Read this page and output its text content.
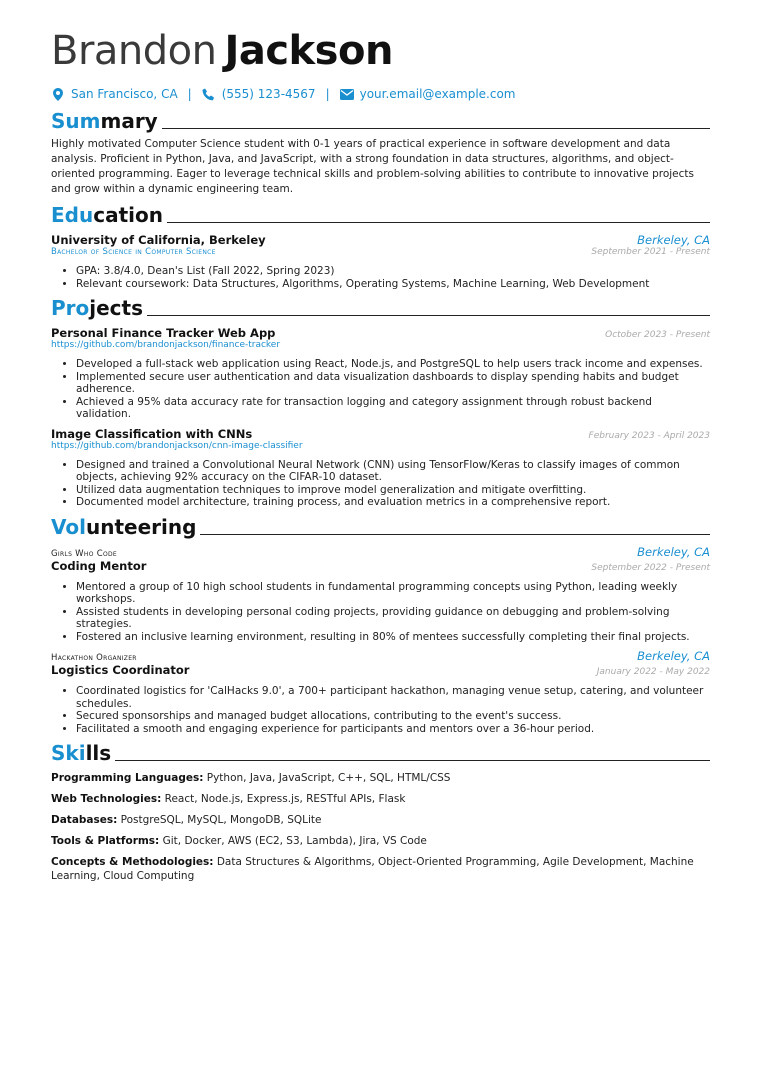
Brandon Jackson
San Francisco, CA |	(555) 123-4567 |	your.email@example.com
Summary
Highly motivated Computer Science student with 0-1 years of practical experience in software development and data analysis. Proficient in Python, Java, and JavaScript, with a strong foundation in data structures, algorithms, and object-oriented programming. Eager to leverage technical skills and problem-solving abilities to contribute to innovative projects and grow within a dynamic engineering team.
Education
University of California, Berkeley	Berkeley, CA
Bachelor of Science in Computer Science	September 2021 - Present
• GPA: 3.8/4.0, Dean's List (Fall 2022, Spring 2023)
• Relevant coursework: Data Structures, Algorithms, Operating Systems, Machine Learning, Web Development
Projects
Personal Finance Tracker Web App	October 2023 - Present
https://github.com/brandonjackson/finance-tracker
• Developed a full-stack web application using React, Node.js, and PostgreSQL to help users track income and expenses.
• Implemented secure user authentication and data visualization dashboards to display spending habits and budget adherence.
• Achieved a 95% data accuracy rate for transaction logging and category assignment through robust backend validation.
Image Classification with CNNs	February 2023 - April 2023
https://github.com/brandonjackson/cnn-image-classifier
• Designed and trained a Convolutional Neural Network (CNN) using TensorFlow/Keras to classify images of common objects, achieving 92% accuracy on the CIFAR-10 dataset.
• Utilized data augmentation techniques to improve model generalization and mitigate overfitting.
• Documented model architecture, training process, and evaluation metrics in a comprehensive report.
Volunteering
Girls Who Code	Berkeley, CA
Coding Mentor	September 2022 - Present
• Mentored a group of 10 high school students in fundamental programming concepts using Python, leading weekly workshops.
• Assisted students in developing personal coding projects, providing guidance on debugging and problem-solving strategies.
• Fostered an inclusive learning environment, resulting in 80% of mentees successfully completing their final projects.
Hackathon Organizer	Berkeley, CA
Logistics Coordinator	January 2022 - May 2022
• Coordinated logistics for 'CalHacks 9.0', a 700+ participant hackathon, managing venue setup, catering, and volunteer schedules.
• Secured sponsorships and managed budget allocations, contributing to the event's success.
• Facilitated a smooth and engaging experience for participants and mentors over a 36-hour period.
Skills
Programming Languages: Python, Java, JavaScript, C++, SQL, HTML/CSS
Web Technologies: React, Node.js, Express.js, RESTful APIs, Flask
Databases: PostgreSQL, MySQL, MongoDB, SQLite
Tools & Platforms: Git, Docker, AWS (EC2, S3, Lambda), Jira, VS Code
Concepts & Methodologies: Data Structures & Algorithms, Object-Oriented Programming, Agile Development, Machine Learning, Cloud Computing
